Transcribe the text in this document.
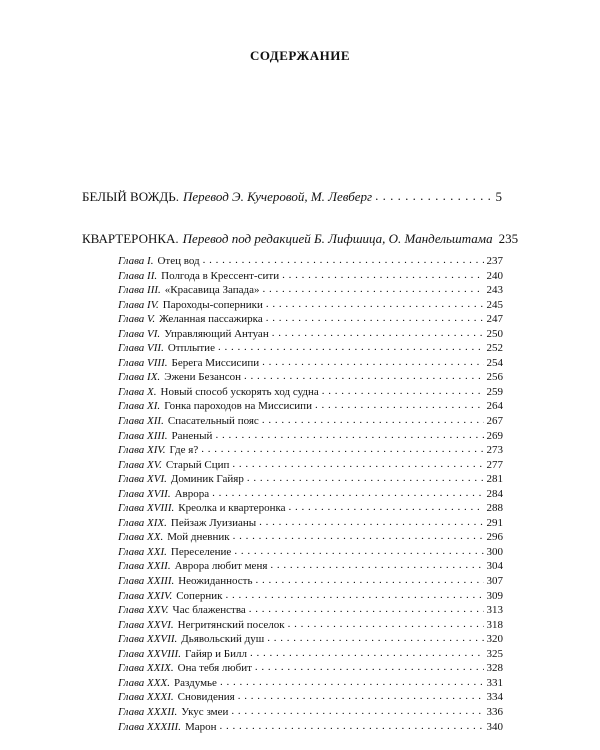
СОДЕРЖАНИЕ
БЕЛЫЙ ВОЖДЬ. Перевод Э. Кучеровой, М. Левберг . . .	5
КВАРТЕРОНКА. Перевод под редакцией Б. Лифшица, О. Мандельштама 235
Глава I. Отец вод . . .	237
Глава II. Полгода в Крессент-сити . . .	240
Глава III. «Красавица Запада» . . .	243
Глава IV. Пароходы-соперники . . .	245
Глава V. Желанная пассажирка . . .	247
Глава VI. Управляющий Антуан . . .	250
Глава VII. Отплытие . . .	252
Глава VIII. Берега Миссисипи . . .	254
Глава IX. Эжени Безансон . . .	256
Глава X. Новый способ ускорять ход судна . . .	259
Глава XI. Гонка пароходов на Миссисипи . . .	264
Глава XII. Спасательный пояс . . .	267
Глава XIII. Раненый . . .	269
Глава XIV. Где я? . . .	273
Глава XV. Старый Сцип . . .	277
Глава XVI. Доминик Гайяр . . .	281
Глава XVII. Аврора . . .	284
Глава XVIII. Креолка и квартеронка . . .	288
Глава XIX. Пейзаж Луизианы . . .	291
Глава XX. Мой дневник . . .	296
Глава XXI. Переселение . . .	300
Глава XXII. Аврора любит меня . . .	304
Глава XXIII. Неожиданность . . .	307
Глава XXIV. Соперник . . .	309
Глава XXV. Час блаженства . . .	313
Глава XXVI. Негритянский поселок . . .	318
Глава XXVII. Дьявольский душ . . .	320
Глава XXVIII. Гайяр и Билл . . .	325
Глава XXIX. Она тебя любит . . .	328
Глава XXX. Раздумье . . .	331
Глава XXXI. Сновидения . . .	334
Глава XXXII. Укус змеи . . .	336
Глава XXXIII. Марон . . .	340
